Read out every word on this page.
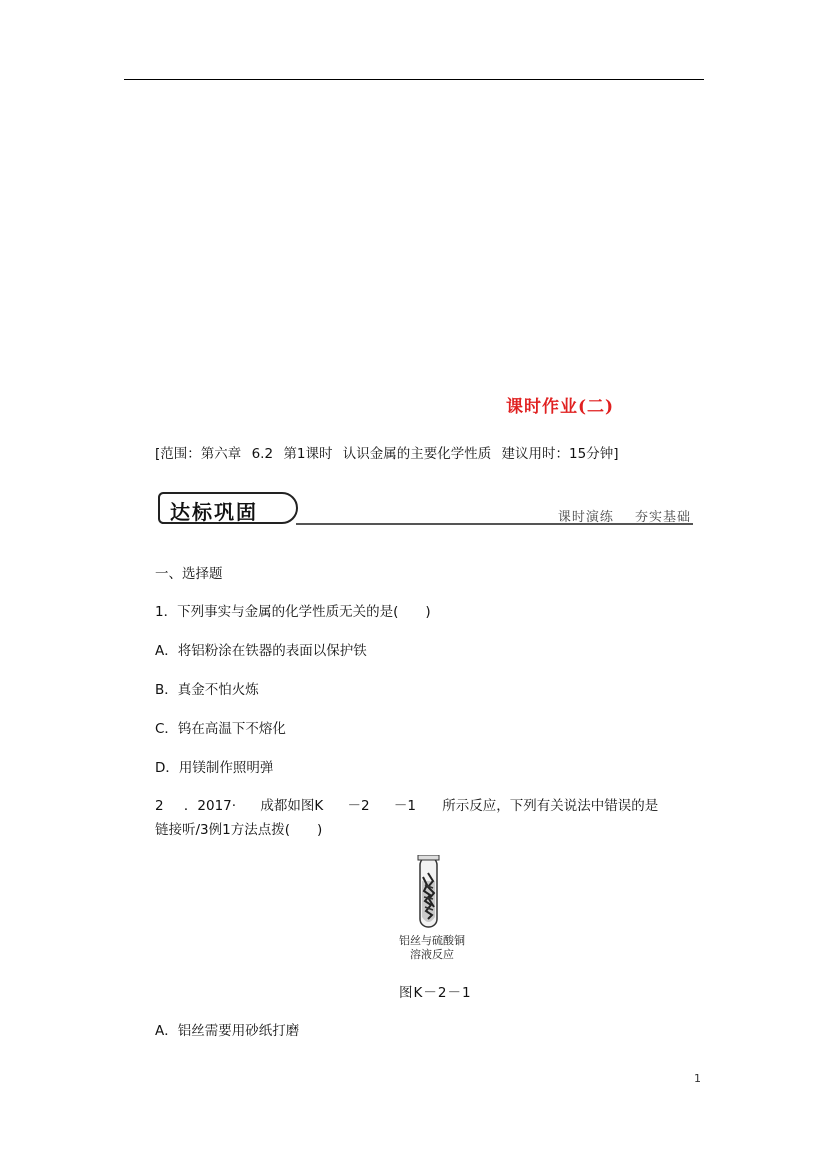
课时作业(二)
[范围：第六章 6.2 第1课时 认识金属的主要化学性质 建议用时：15分钟]
达标巩固	课时演练 夯实基础
一、选择题
1．下列事实与金属的化学性质无关的是(　　)
A．将铝粉涂在铁器的表面以保护铁
B．真金不怕火炼
C．钨在高温下不熔化
D．用镁制作照明弹
2 ．2017· 成都如图K －2 －1 所示反应，下列有关说法中错误的是
链接听/3例1方法点拨(　　)
铝丝与硫酸铜
溶液反应
图K－2－1
A．铝丝需要用砂纸打磨
1
